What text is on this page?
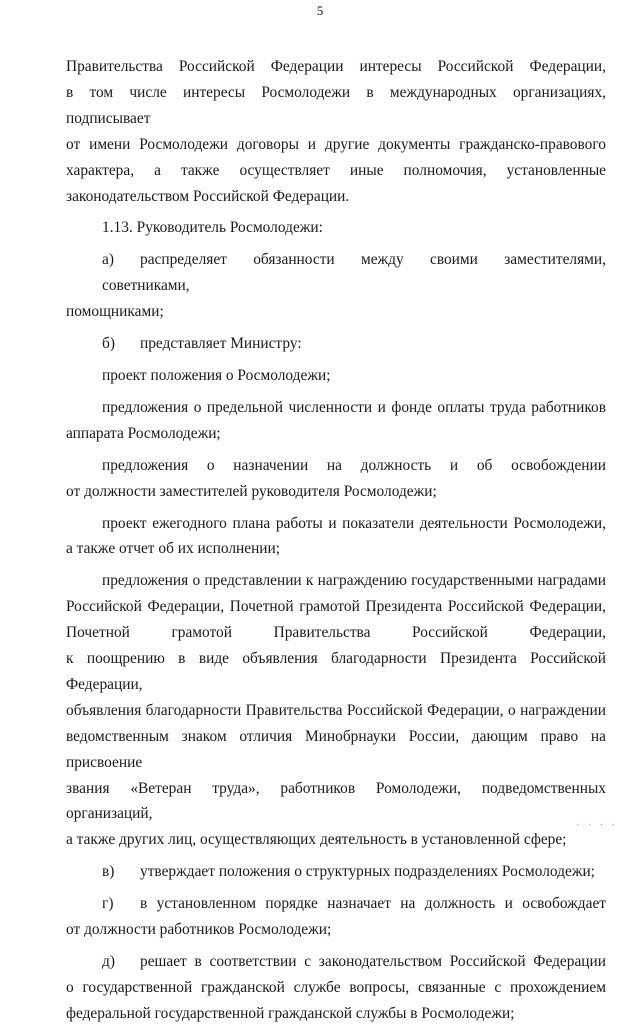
5
Правительства Российской Федерации интересы Российской Федерации,
в том числе интересы Росмолодежи в международных организациях, подписывает
от имени Росмолодежи договоры и другие документы гражданско-правового
характера, а также осуществляет иные полномочия, установленные
законодательством Российской Федерации.
1.13. Руководитель Росмолодежи:
а) распределяет обязанности между своими заместителями, советниками,
помощниками;
б) представляет Министру:
проект положения о Росмолодежи;
предложения о предельной численности и фонде оплаты труда работников
аппарата Росмолодежи;
предложения о назначении на должность и об освобождении
от должности заместителей руководителя Росмолодежи;
проект ежегодного плана работы и показатели деятельности Росмолодежи,
а также отчет об их исполнении;
предложения о представлении к награждению государственными наградами
Российской Федерации, Почетной грамотой Президента Российской Федерации,
Почетной грамотой Правительства Российской Федерации,
к поощрению в виде объявления благодарности Президента Российской Федерации,
объявления благодарности Правительства Российской Федерации, о награждении
ведомственным знаком отличия Минобрнауки России, дающим право на присвоение
звания «Ветеран труда», работников Ромолодежи, подведомственных организаций,
а также других лиц, осуществляющих деятельность в установленной сфере;
в) утверждает положения о структурных подразделениях Росмолодежи;
г) в установленном порядке назначает на должность и освобождает
от должности работников Росмолодежи;
д) решает в соответствии с законодательством Российской Федерации
о государственной гражданской службе вопросы, связанные с прохождением
федеральной государственной гражданской службы в Росмолодежи;
· · · ·
